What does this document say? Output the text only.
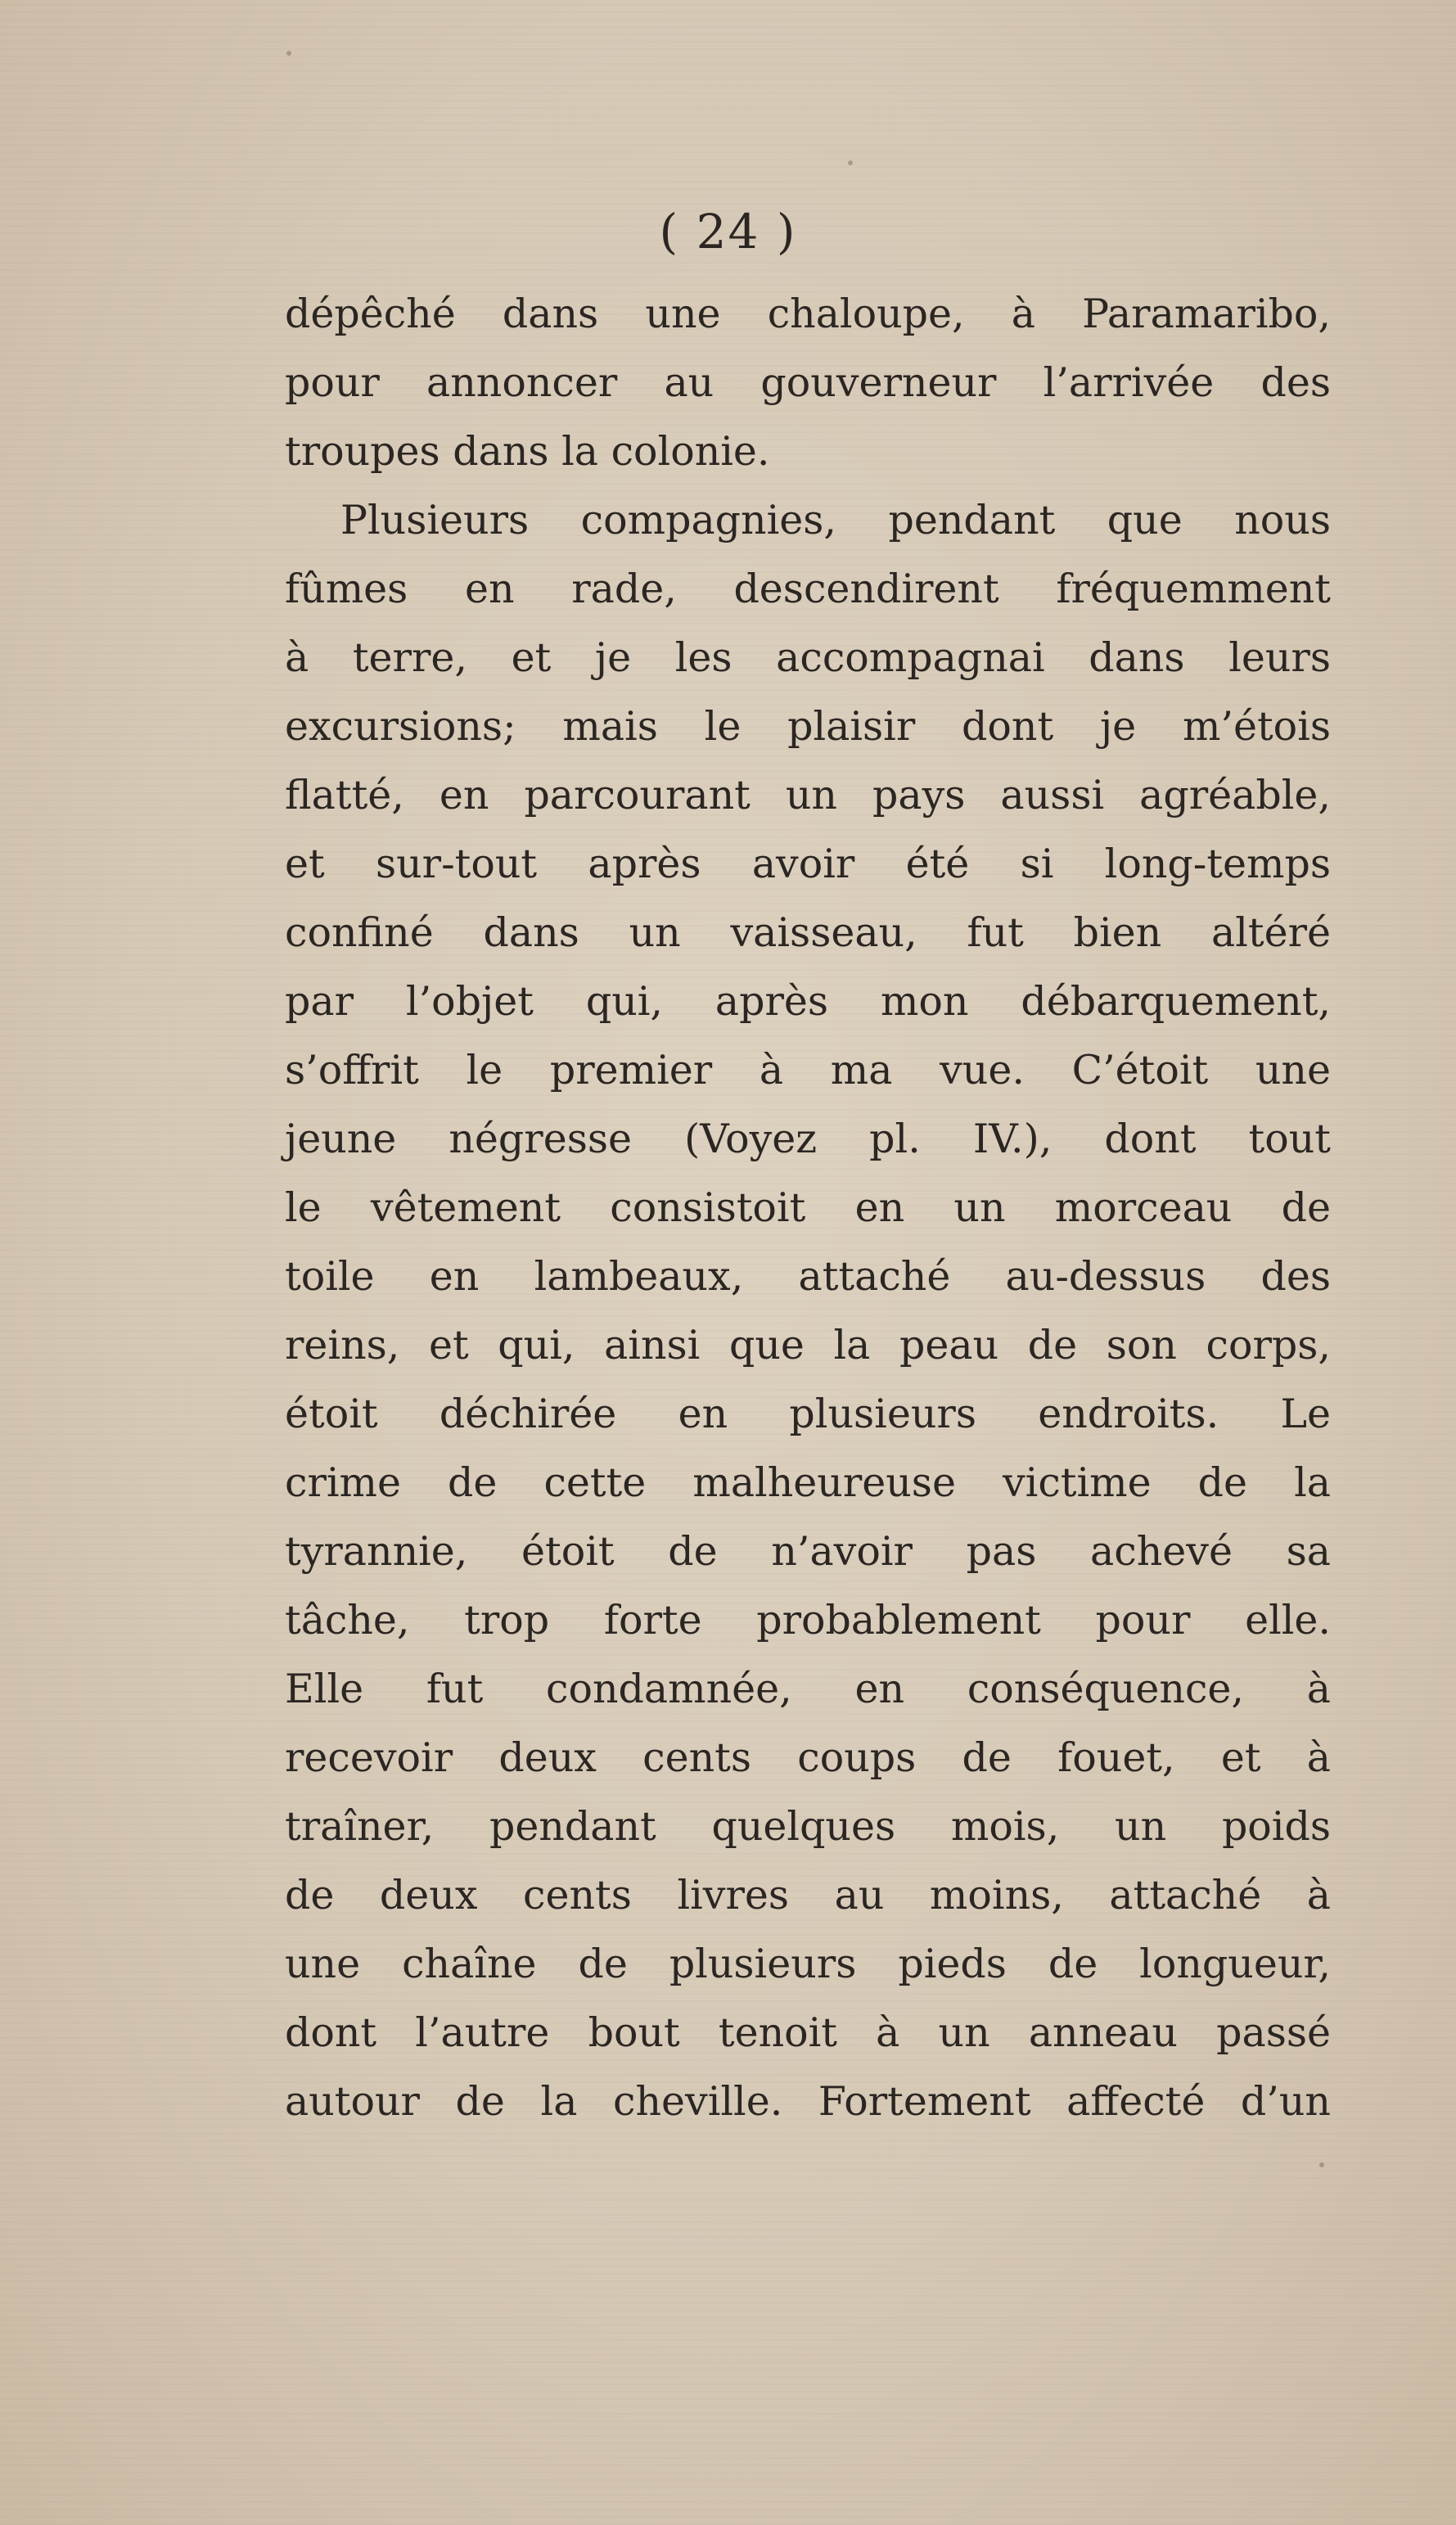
( 24 )
dépêché dans une chaloupe, à Paramaribo,
pour annoncer au gouverneur l’arrivée des
troupes dans la colonie.
Plusieurs compagnies, pendant que nous
fûmes en rade, descendirent fréquemment
à terre, et je les accompagnai dans leurs
excursions; mais le plaisir dont je m’étois
flatté, en parcourant un pays aussi agréable,
et sur-tout après avoir été si long-temps
confiné dans un vaisseau, fut bien altéré
par l’objet qui, après mon débarquement,
s’offrit le premier à ma vue. C’étoit une
jeune négresse (Voyez pl. IV.), dont tout
le vêtement consistoit en un morceau de
toile en lambeaux, attaché au-dessus des
reins, et qui, ainsi que la peau de son corps,
étoit déchirée en plusieurs endroits. Le
crime de cette malheureuse victime de la
tyrannie, étoit de n’avoir pas achevé sa
tâche, trop forte probablement pour elle.
Elle fut condamnée, en conséquence, à
recevoir deux cents coups de fouet, et à
traîner, pendant quelques mois, un poids
de deux cents livres au moins, attaché à
une chaîne de plusieurs pieds de longueur,
dont l’autre bout tenoit à un anneau passé
autour de la cheville. Fortement affecté d’un
